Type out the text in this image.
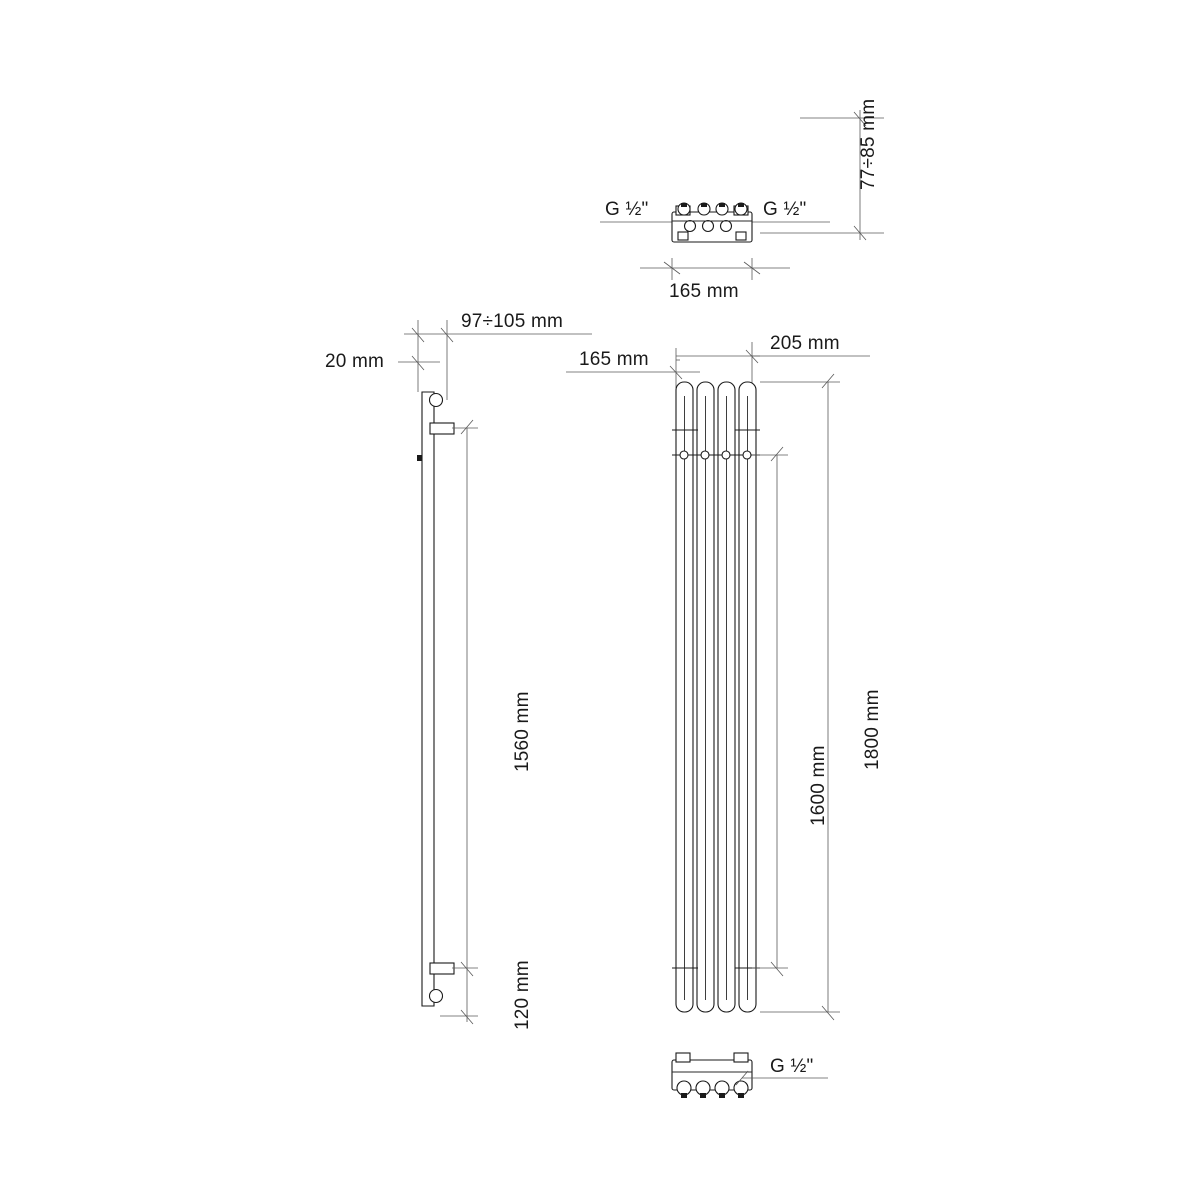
G ½"	G ½"
77÷85 mm
165 mm
97÷105 mm
20 mm
1560 mm
120 mm
165 mm
205 mm
1600 mm
1800 mm
G ½"
